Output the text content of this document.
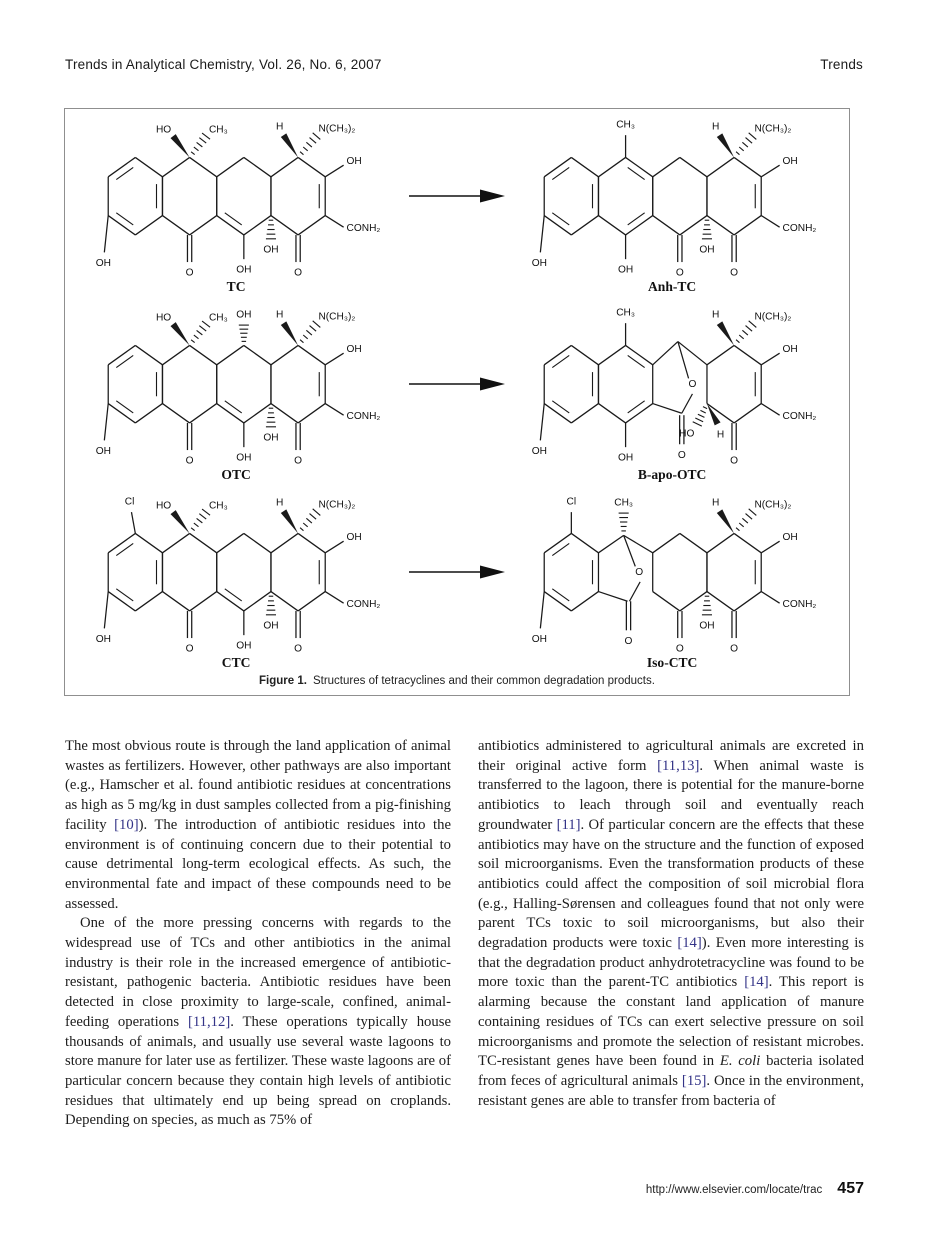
Trends in Analytical Chemistry, Vol. 26, No. 6, 2007	Trends
HO	CH₃	H	N(CH₃)₂
OH
CONH₂
OH
O	OH
OH
O
TC
CH₃	H	N(CH₃)₂
OH
CONH₂
OH
OH	O
OH
O
Anh-TC
HO	CH₃ OH H	N(CH₃)₂
OH
CONH₂
OH
O	OH
OH
O
OTC
CH₃
O
O
H	N(CH₃)₂
OH
CONH₂
HO H
O
OH
OH
B-apo-OTC
Cl HO	CH₃	H	N(CH₃)₂
OH
CONH₂
OH
O	OH
OH
O
CTC
Cl	CH₃
O
O
O
OH
O
H	N(CH₃)₂
OH
CONH₂
OH
Iso-CTC
Figure 1. Structures of tetracyclines and their common degradation products.

The most obvious route is through the land application of animal wastes as fertilizers. However, other pathways are also important (e.g., Hamscher et al. found antibiotic residues at concentrations as high as 5 mg/kg in dust samples collected from a pig-finishing facility [10]). The introduction of antibiotic residues into the environment is of continuing concern due to their potential to cause detrimental long-term ecological effects. As such, the environmental fate and impact of these compounds need to be assessed.

One of the more pressing concerns with regards to the widespread use of TCs and other antibiotics in the animal industry is their role in the increased emergence of antibiotic-resistant, pathogenic bacteria. Antibiotic residues have been detected in close proximity to large-scale, confined, animal-feeding operations [11,12]. These operations typically house thousands of animals, and usually use several waste lagoons to store manure for later use as fertilizer. These waste lagoons are of particular concern because they contain high levels of antibiotic residues that ultimately end up being spread on croplands. Depending on species, as much as 75% of

antibiotics administered to agricultural animals are excreted in their original active form [11,13]. When animal waste is transferred to the lagoon, there is potential for the manure-borne antibiotics to leach through soil and eventually reach groundwater [11]. Of particular concern are the effects that these antibiotics may have on the structure and the function of exposed soil microorganisms. Even the transformation products of these antibiotics could affect the composition of soil microbial flora (e.g., Halling-Sørensen and colleagues found that not only were parent TCs toxic to soil microorganisms, but also their degradation products were toxic [14]). Even more interesting is that the degradation product anhydrotetracycline was found to be more toxic than the parent-TC antibiotics [14]. This report is alarming because the constant land application of manure containing residues of TCs can exert selective pressure on soil microorganisms and promote the selection of resistant microbes. TC-resistant genes have been found in E. coli bacteria isolated from feces of agricultural animals [15]. Once in the environment, resistant genes are able to transfer from bacteria of

http://www.elsevier.com/locate/trac 457
